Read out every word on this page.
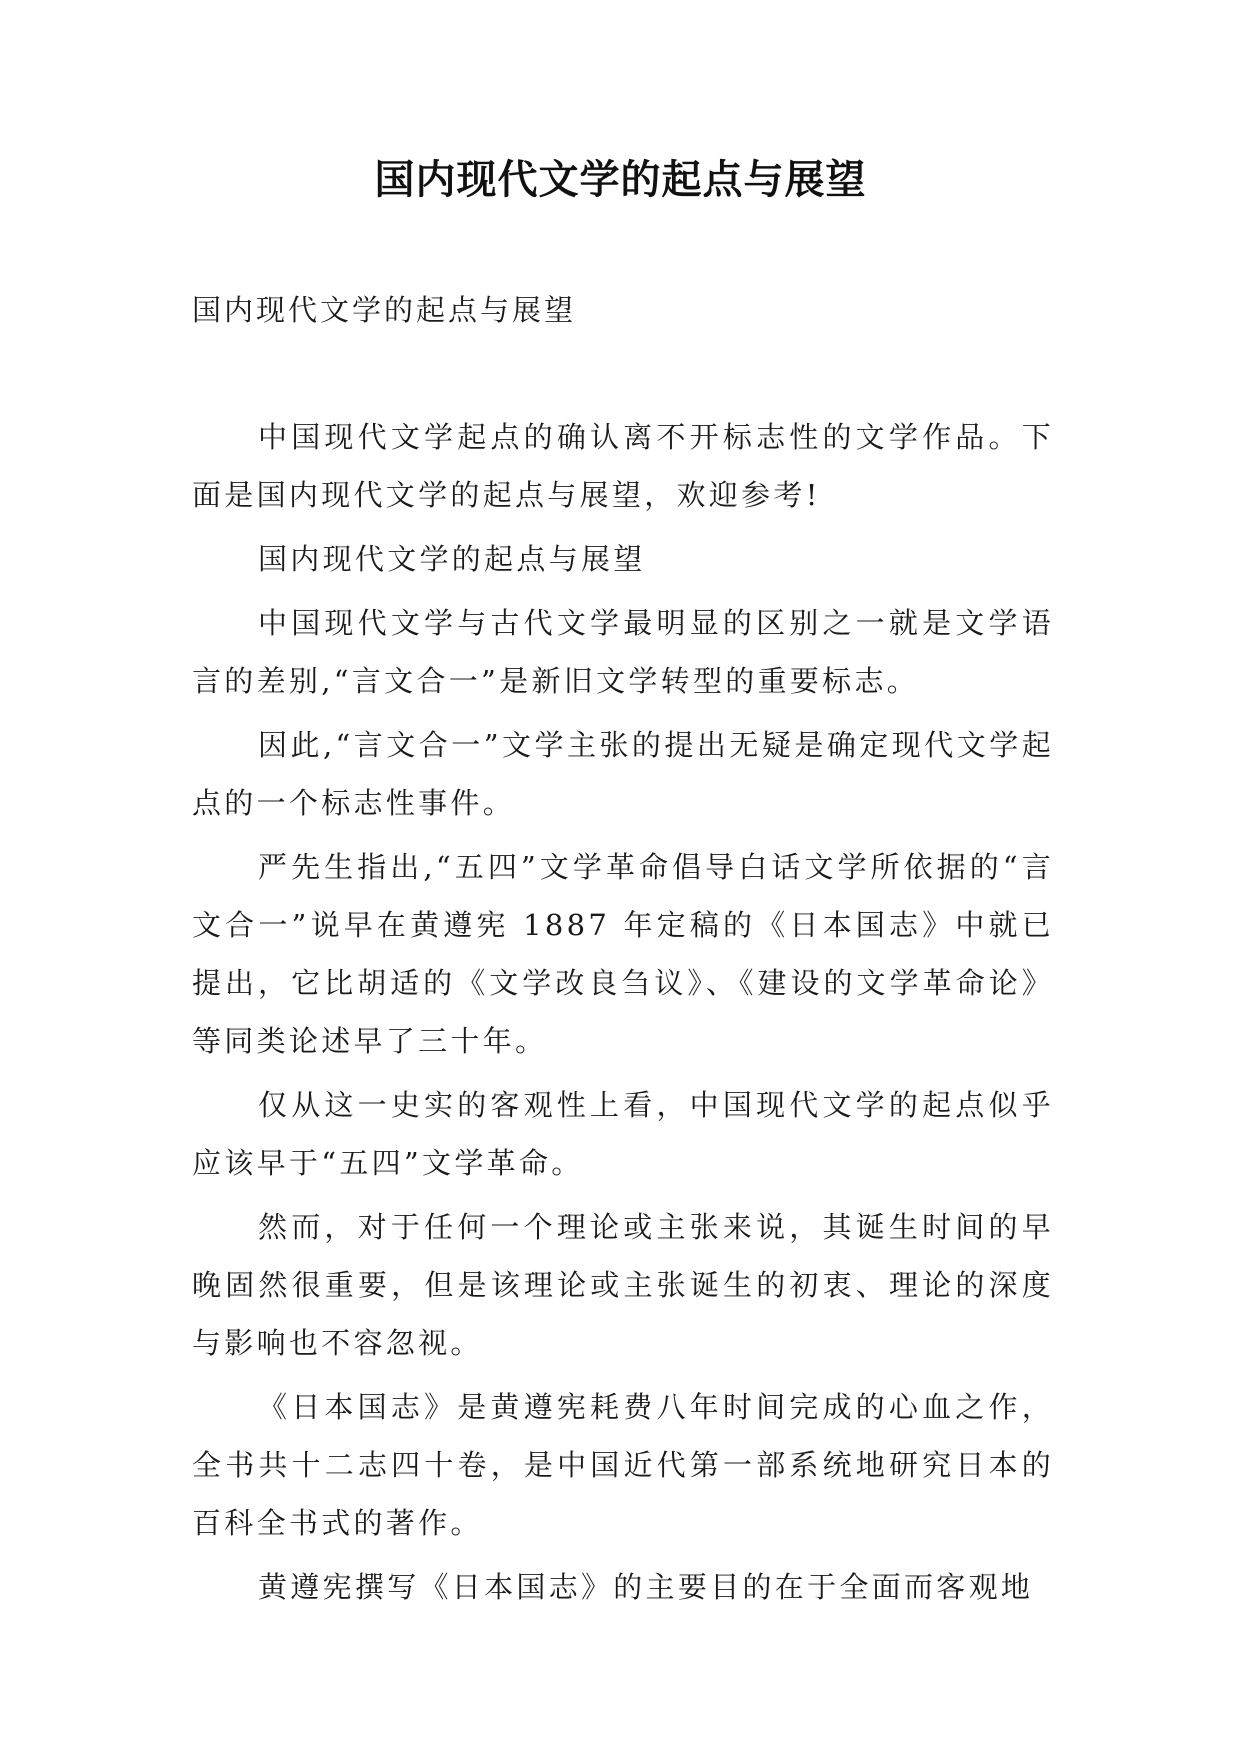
国内现代文学的起点与展望
国内现代文学的起点与展望

中国现代文学起点的确认离不开标志性的文学作品。下面是国内现代文学的起点与展望，欢迎参考!

国内现代文学的起点与展望

中国现代文学与古代文学最明显的区别之一就是文学语言的差别,“言文合一”是新旧文学转型的重要标志。

因此,“言文合一”文学主张的提出无疑是确定现代文学起点的一个标志性事件。

严先生指出,“五四”文学革命倡导白话文学所依据的“言文合一”说早在黄遵宪 1887 年定稿的《日本国志》中就已提出，它比胡适的《文学改良刍议》、《建设的文学革命论》等同类论述早了三十年。

仅从这一史实的客观性上看，中国现代文学的起点似乎应该早于“五四”文学革命。

然而，对于任何一个理论或主张来说，其诞生时间的早晚固然很重要，但是该理论或主张诞生的初衷、理论的深度与影响也不容忽视。

《日本国志》是黄遵宪耗费八年时间完成的心血之作，全书共十二志四十卷，是中国近代第一部系统地研究日本的百科全书式的著作。

黄遵宪撰写《日本国志》的主要目的在于全面而客观地
